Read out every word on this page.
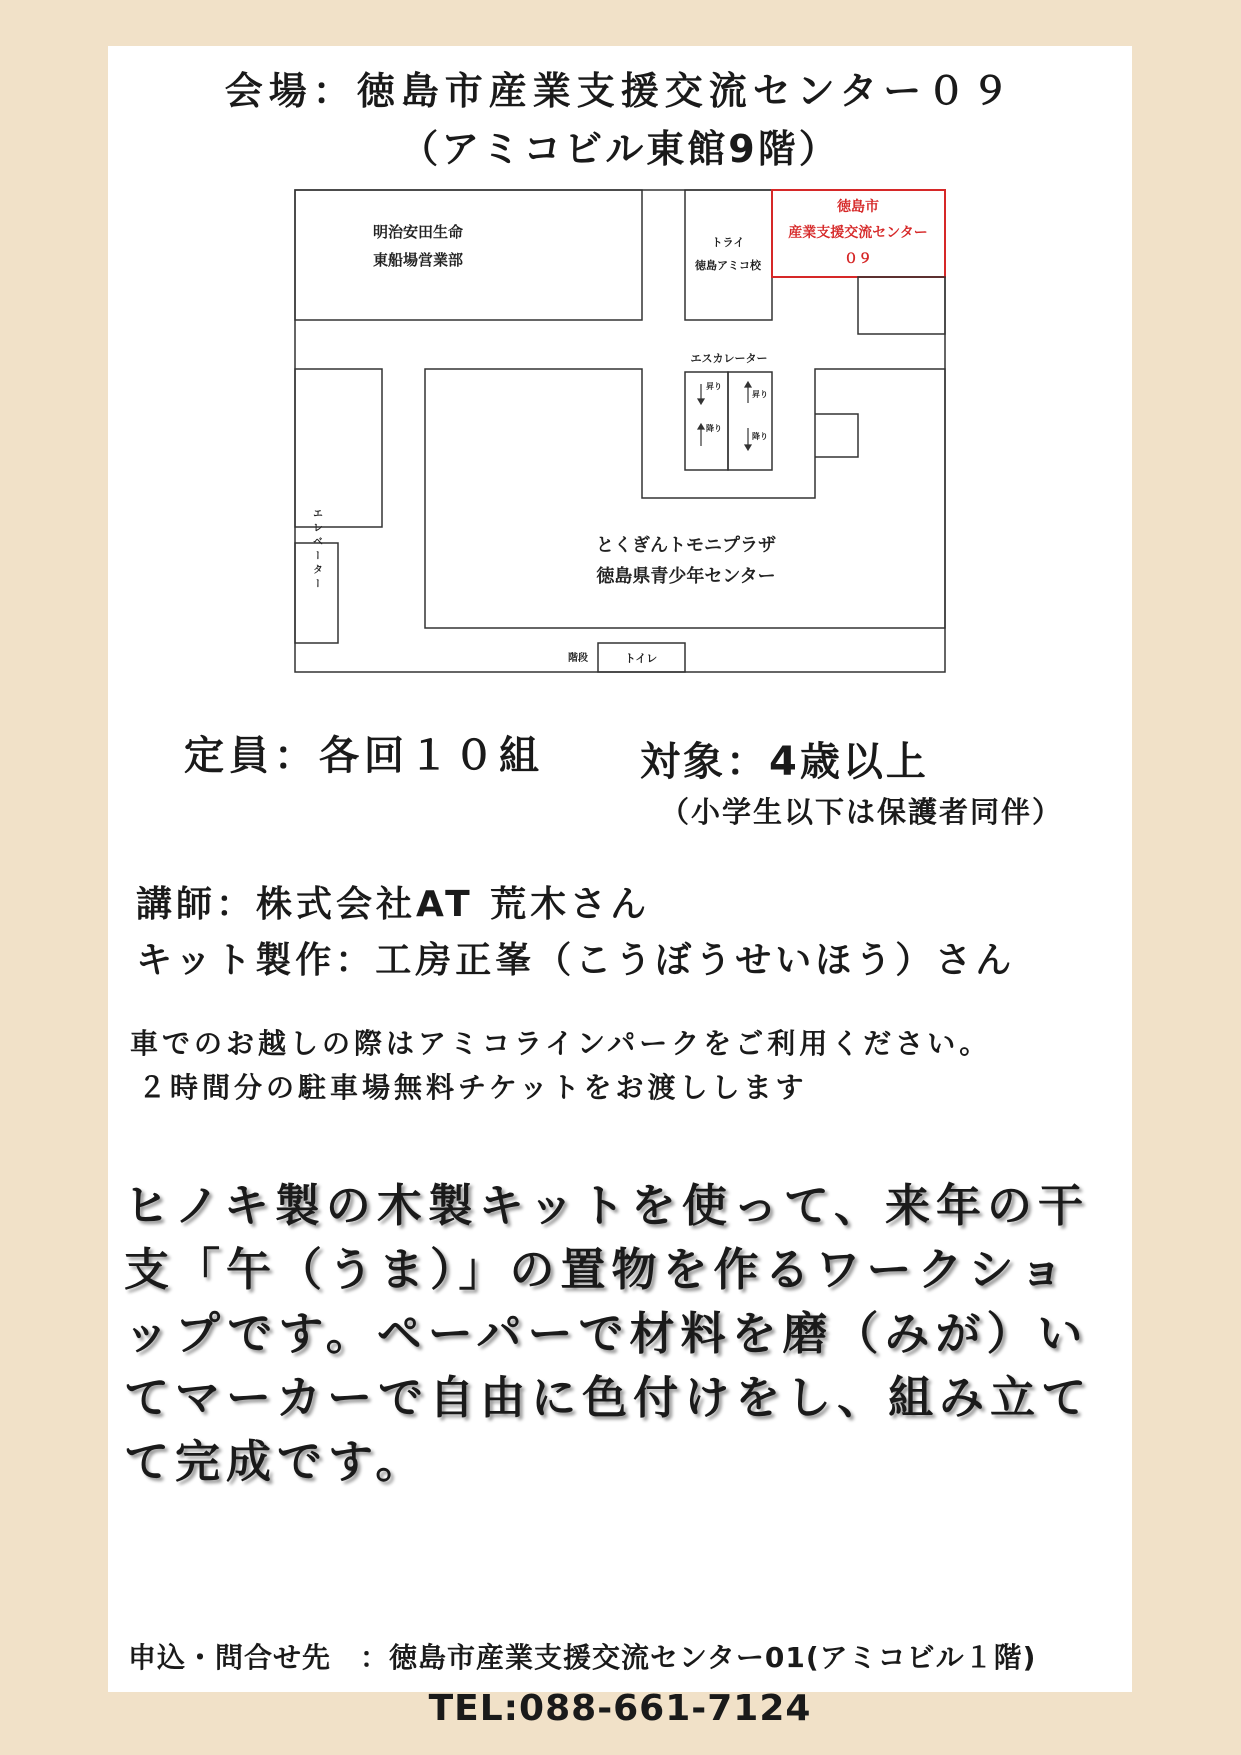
会場：徳島市産業支援交流センター０９
（アミコビル東館9階）
明治安田生命
東船場営業部
とくぎんトモニプラザ
徳島県青少年センター
トライ
徳島アミコ校
エスカレーター
階段	トイレ
昇り
昇り
降り
降り
徳島市
産業支援交流センター
０９
エレベーター
定員：各回１０組 対象：4歳以上
（小学生以下は保護者同伴）
講師：株式会社AT 荒木さん
キット製作：工房正峯（こうぼうせいほう）さん
車でのお越しの際はアミコラインパークをご利用ください。
２時間分の駐車場無料チケットをお渡しします

ヒノキ製の木製キットを使って、来年の干

支「午（うま）」の置物を作るワークショ

ップです。ペーパーで材料を磨（みが）い

てマーカーで自由に色付けをし、組み立て

て完成です。

申込・問合せ先　：徳島市産業支援交流センター01(アミコビル１階)
TEL:088-661-7124
